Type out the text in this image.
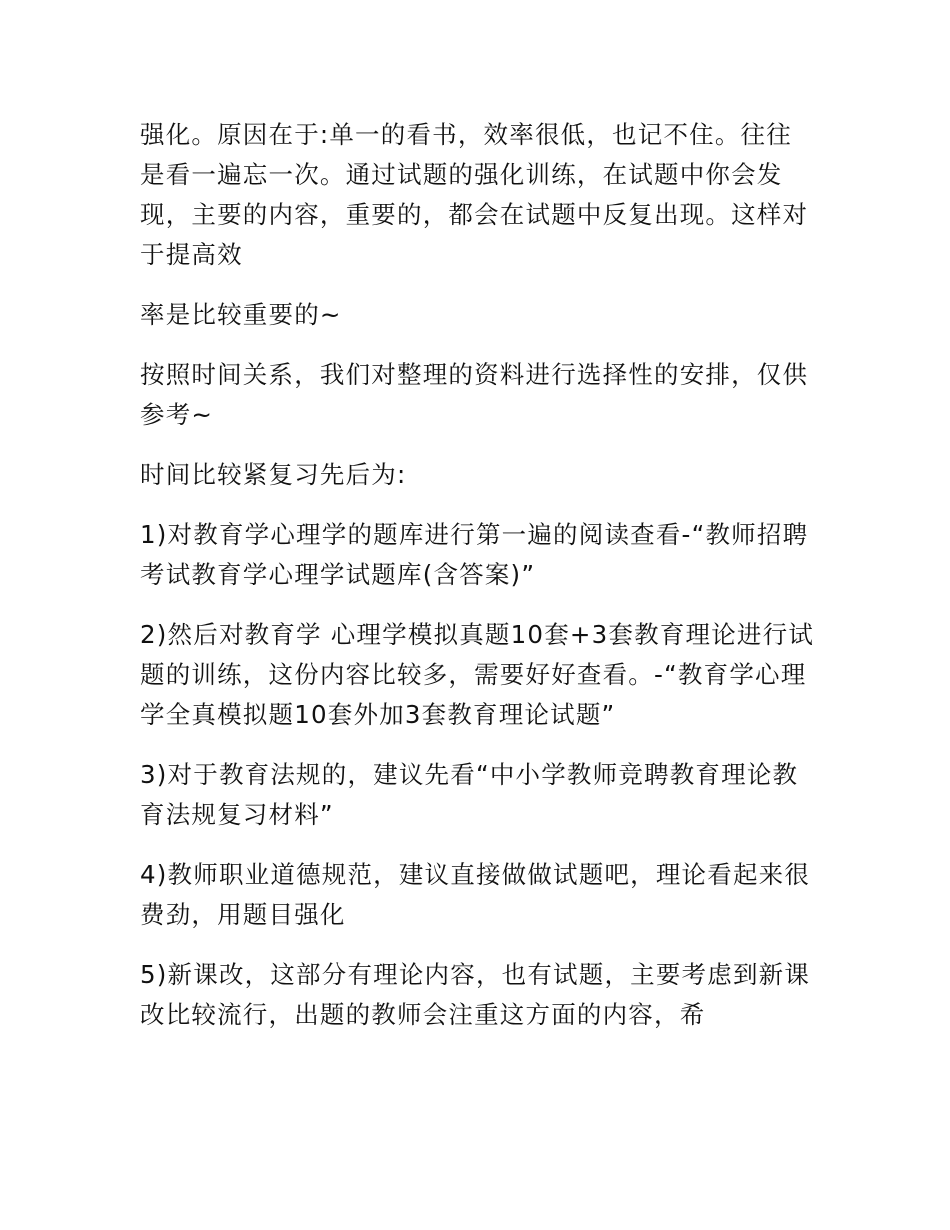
强化。原因在于:单一的看书，效率很低，也记不住。往往是看一遍忘一次。通过试题的强化训练，在试题中你会发现，主要的内容，重要的，都会在试题中反复出现。这样对于提高效

率是比较重要的~

按照时间关系，我们对整理的资料进行选择性的安排，仅供参考~

时间比较紧复习先后为:

1)对教育学心理学的题库进行第一遍的阅读查看-“教师招聘考试教育学心理学试题库(含答案)”

2)然后对教育学 心理学模拟真题10套+3套教育理论进行试题的训练，这份内容比较多，需要好好查看。-“教育学心理学全真模拟题10套外加3套教育理论试题”

3)对于教育法规的，建议先看“中小学教师竞聘教育理论教育法规复习材料”

4)教师职业道德规范，建议直接做做试题吧，理论看起来很费劲，用题目强化

5)新课改，这部分有理论内容，也有试题，主要考虑到新课改比较流行，出题的教师会注重这方面的内容，希
